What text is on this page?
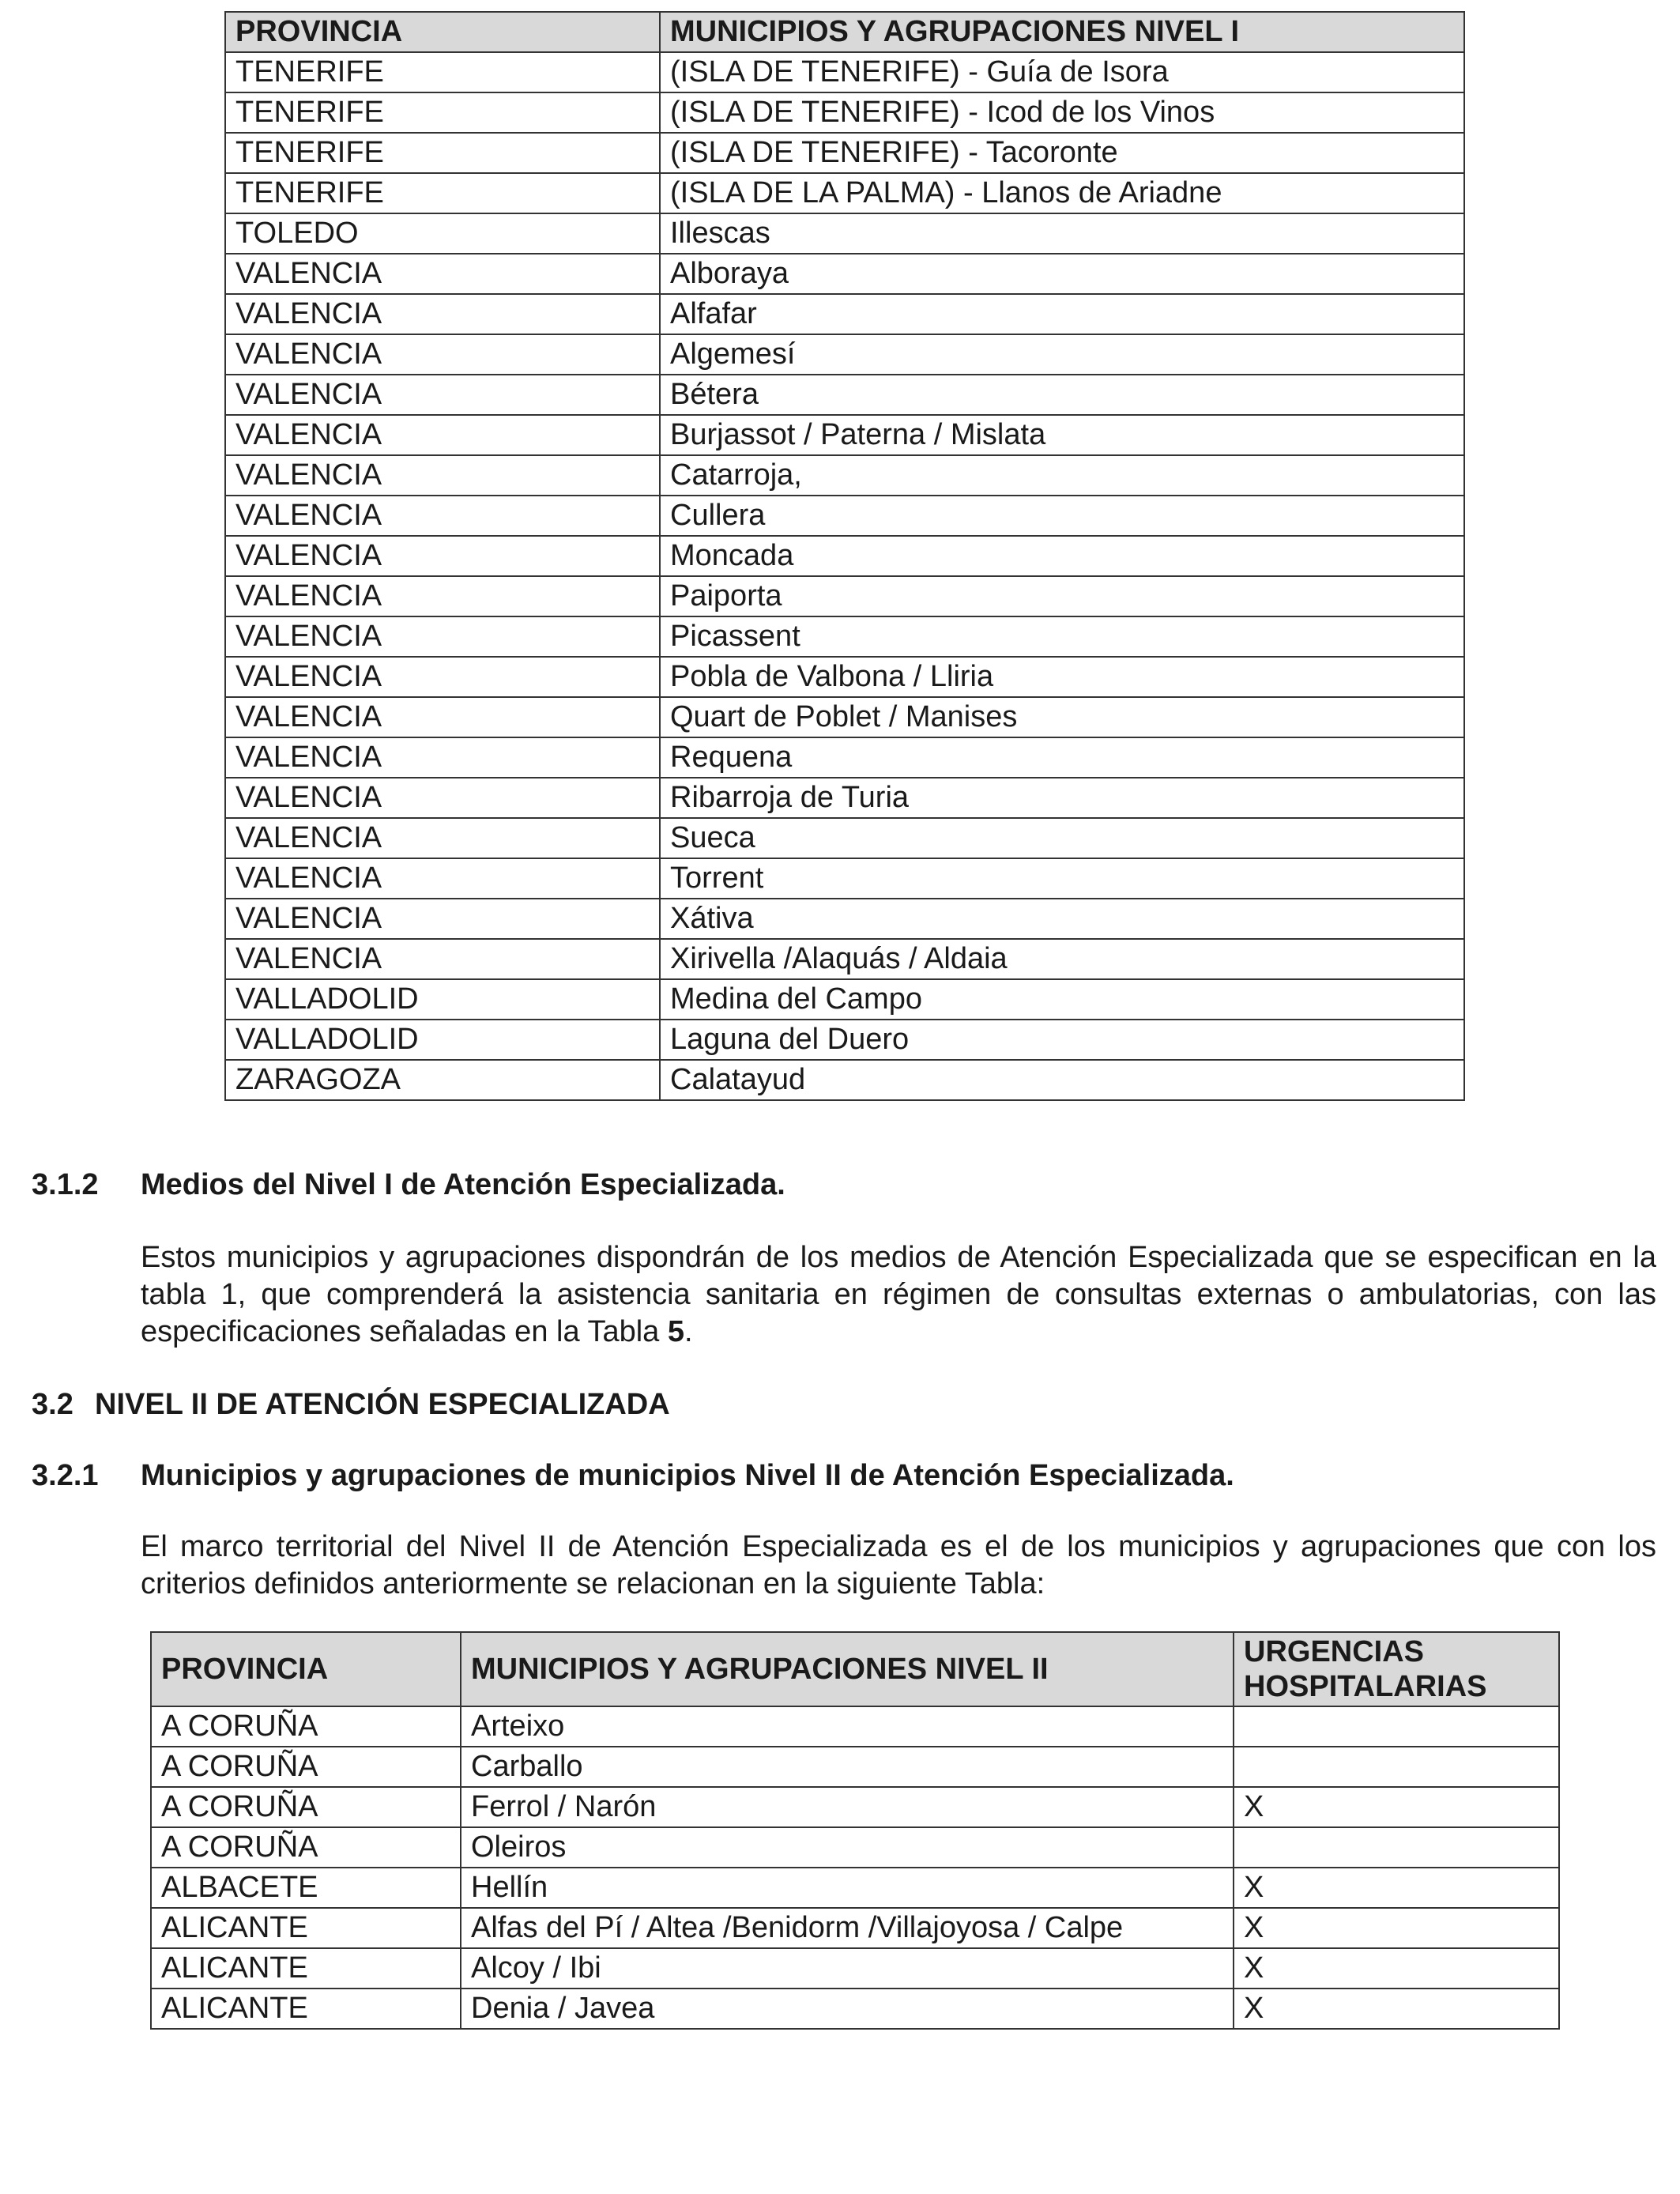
PROVINCIA	MUNICIPIOS Y AGRUPACIONES NIVEL I
TENERIFE	(ISLA DE TENERIFE) - Guía de Isora
TENERIFE	(ISLA DE TENERIFE) - Icod de los Vinos
TENERIFE	(ISLA DE TENERIFE) - Tacoronte
TENERIFE	(ISLA DE LA PALMA) - Llanos de Ariadne
TOLEDO	Illescas
VALENCIA	Alboraya
VALENCIA	Alfafar
VALENCIA	Algemesí
VALENCIA	Bétera
VALENCIA	Burjassot / Paterna / Mislata
VALENCIA	Catarroja,
VALENCIA	Cullera
VALENCIA	Moncada
VALENCIA	Paiporta
VALENCIA	Picassent
VALENCIA	Pobla de Valbona / Lliria
VALENCIA	Quart de Poblet / Manises
VALENCIA	Requena
VALENCIA	Ribarroja de Turia
VALENCIA	Sueca
VALENCIA	Torrent
VALENCIA	Xátiva
VALENCIA	Xirivella /Alaquás / Aldaia
VALLADOLID	Medina del Campo
VALLADOLID	Laguna del Duero
ZARAGOZA	Calatayud
3.1.2 Medios del Nivel I de Atención Especializada.
Estos municipios y agrupaciones dispondrán de los medios de Atención Especializada que se especifican en la tabla 1, que comprenderá la asistencia sanitaria en régimen de consultas externas o ambulatorias, con las especificaciones señaladas en la Tabla 5.
3.2 NIVEL II DE ATENCIÓN ESPECIALIZADA
3.2.1 Municipios y agrupaciones de municipios Nivel II de Atención Especializada.
El marco territorial del Nivel II de Atención Especializada es el de los municipios y agrupaciones que con los criterios definidos anteriormente se relacionan en la siguiente Tabla:
PROVINCIA	MUNICIPIOS Y AGRUPACIONES NIVEL II	URGENCIAS HOSPITALARIAS
A CORUÑA	Arteixo	
A CORUÑA	Carballo	
A CORUÑA	Ferrol / Narón	X
A CORUÑA	Oleiros	
ALBACETE	Hellín	X
ALICANTE	Alfas del Pí / Altea /Benidorm /Villajoyosa / Calpe	X
ALICANTE	Alcoy / Ibi	X
ALICANTE	Denia / Javea	X
